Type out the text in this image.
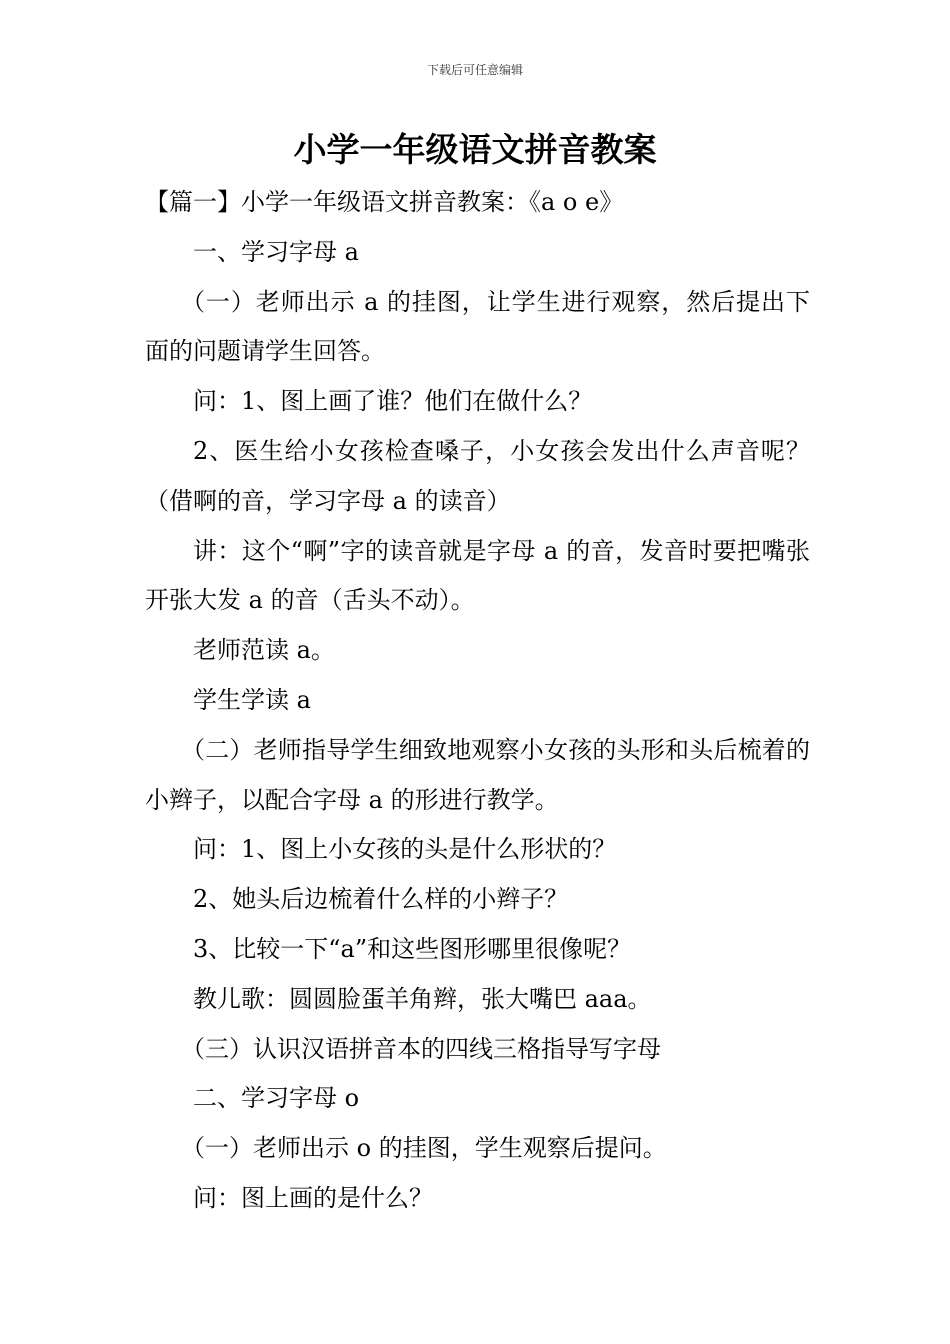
下载后可任意编辑
小学一年级语文拼音教案

【篇一】小学一年级语文拼音教案：《a o e》

一、学习字母 a

（一）老师出示 a 的挂图，让学生进行观察，然后提出下面的问题请学生回答。

问：1、图上画了谁？他们在做什么？

2、医生给小女孩检查嗓子，小女孩会发出什么声音呢？（借啊的音，学习字母 a 的读音）

讲：这个“啊”字的读音就是字母 a 的音，发音时要把嘴张开张大发 a 的音（舌头不动）。

老师范读 a。

学生学读 a

（二）老师指导学生细致地观察小女孩的头形和头后梳着的小辫子，以配合字母 a 的形进行教学。

问：1、图上小女孩的头是什么形状的？

2、她头后边梳着什么样的小辫子？

3、比较一下“a”和这些图形哪里很像呢？

教儿歌：圆圆脸蛋羊角辫，张大嘴巴 aaa。

（三）认识汉语拼音本的四线三格指导写字母

二、学习字母 o

（一）老师出示 o 的挂图，学生观察后提问。

问：图上画的是什么？
